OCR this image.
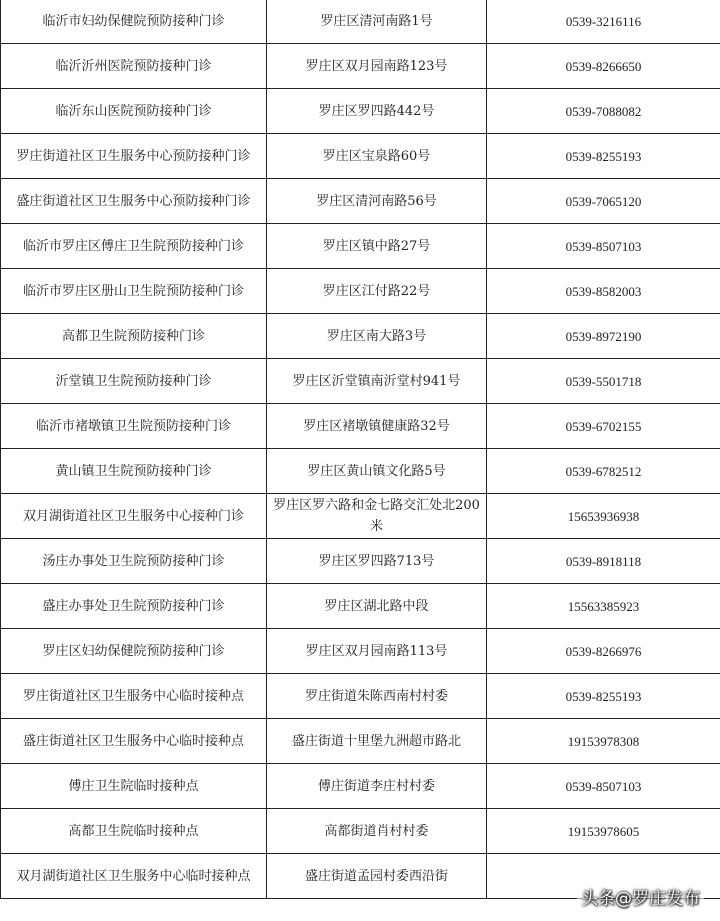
临沂市妇幼保健院预防接种门诊	罗庄区清河南路1号	0539-3216116
临沂沂州医院预防接种门诊	罗庄区双月园南路123号	0539-8266650
临沂东山医院预防接种门诊	罗庄区罗四路442号	0539-7088082
罗庄街道社区卫生服务中心预防接种门诊	罗庄区宝泉路60号	0539-8255193
盛庄街道社区卫生服务中心预防接种门诊	罗庄区清河南路56号	0539-7065120
临沂市罗庄区傅庄卫生院预防接种门诊	罗庄区镇中路27号	0539-8507103
临沂市罗庄区册山卫生院预防接种门诊	罗庄区江付路22号	0539-8582003
高都卫生院预防接种门诊	罗庄区南大路3号	0539-8972190
沂堂镇卫生院预防接种门诊	罗庄区沂堂镇南沂堂村941号	0539-5501718
临沂市褚墩镇卫生院预防接种门诊	罗庄区褚墩镇健康路32号	0539-6702155
黄山镇卫生院预防接种门诊	罗庄区黄山镇文化路5号	0539-6782512
双月湖街道社区卫生服务中心接种门诊	罗庄区罗六路和金七路交汇处北200米	15653936938
汤庄办事处卫生院预防接种门诊	罗庄区罗四路713号	0539-8918118
盛庄办事处卫生院预防接种门诊	罗庄区湖北路中段	15563385923
罗庄区妇幼保健院预防接种门诊	罗庄区双月园南路113号	0539-8266976
罗庄街道社区卫生服务中心临时接种点	罗庄街道朱陈西南村村委	0539-8255193
盛庄街道社区卫生服务中心临时接种点	盛庄街道十里堡九洲超市路北	19153978308
傅庄卫生院临时接种点	傅庄街道李庄村村委	0539-8507103
高都卫生院临时接种点	高都街道肖村村委	19153978605
双月湖街道社区卫生服务中心临时接种点	盛庄街道孟园村委西沿街	
头条@罗庄发布
